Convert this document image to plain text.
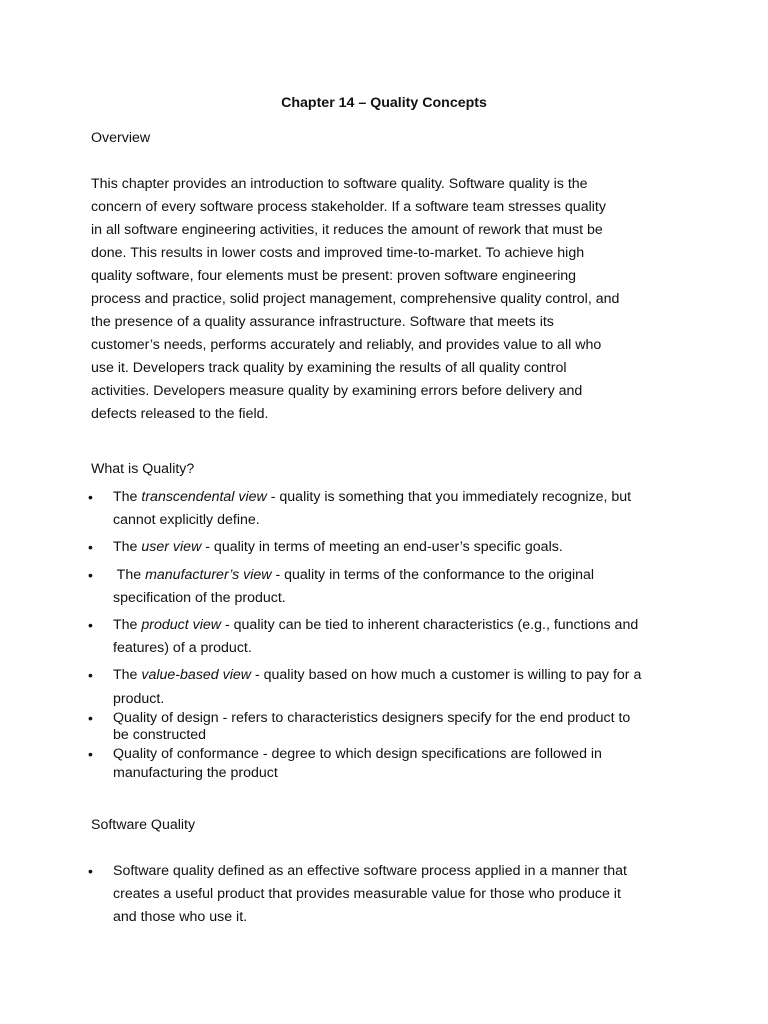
Chapter 14 – Quality Concepts
Overview
This chapter provides an introduction to software quality. Software quality is the
concern of every software process stakeholder. If a software team stresses quality
in all software engineering activities, it reduces the amount of rework that must be
done. This results in lower costs and improved time-to-market. To achieve high
quality software, four elements must be present: proven software engineering
process and practice, solid project management, comprehensive quality control, and
the presence of a quality assurance infrastructure. Software that meets its
customer’s needs, performs accurately and reliably, and provides value to all who
use it. Developers track quality by examining the results of all quality control
activities. Developers measure quality by examining errors before delivery and
defects released to the field.
What is Quality?
• The transcendental view - quality is something that you immediately recognize, but
cannot explicitly define.
• The user view - quality in terms of meeting an end-user’s specific goals.
• The manufacturer’s view - quality in terms of the conformance to the original
specification of the product.
• The product view - quality can be tied to inherent characteristics (e.g., functions and
features) of a product.
• The value-based view - quality based on how much a customer is willing to pay for a
product.
• Quality of design - refers to characteristics designers specify for the end product to
be constructed
• Quality of conformance - degree to which design specifications are followed in
manufacturing the product
Software Quality
• Software quality defined as an effective software process applied in a manner that
creates a useful product that provides measurable value for those who produce it
and those who use it.
